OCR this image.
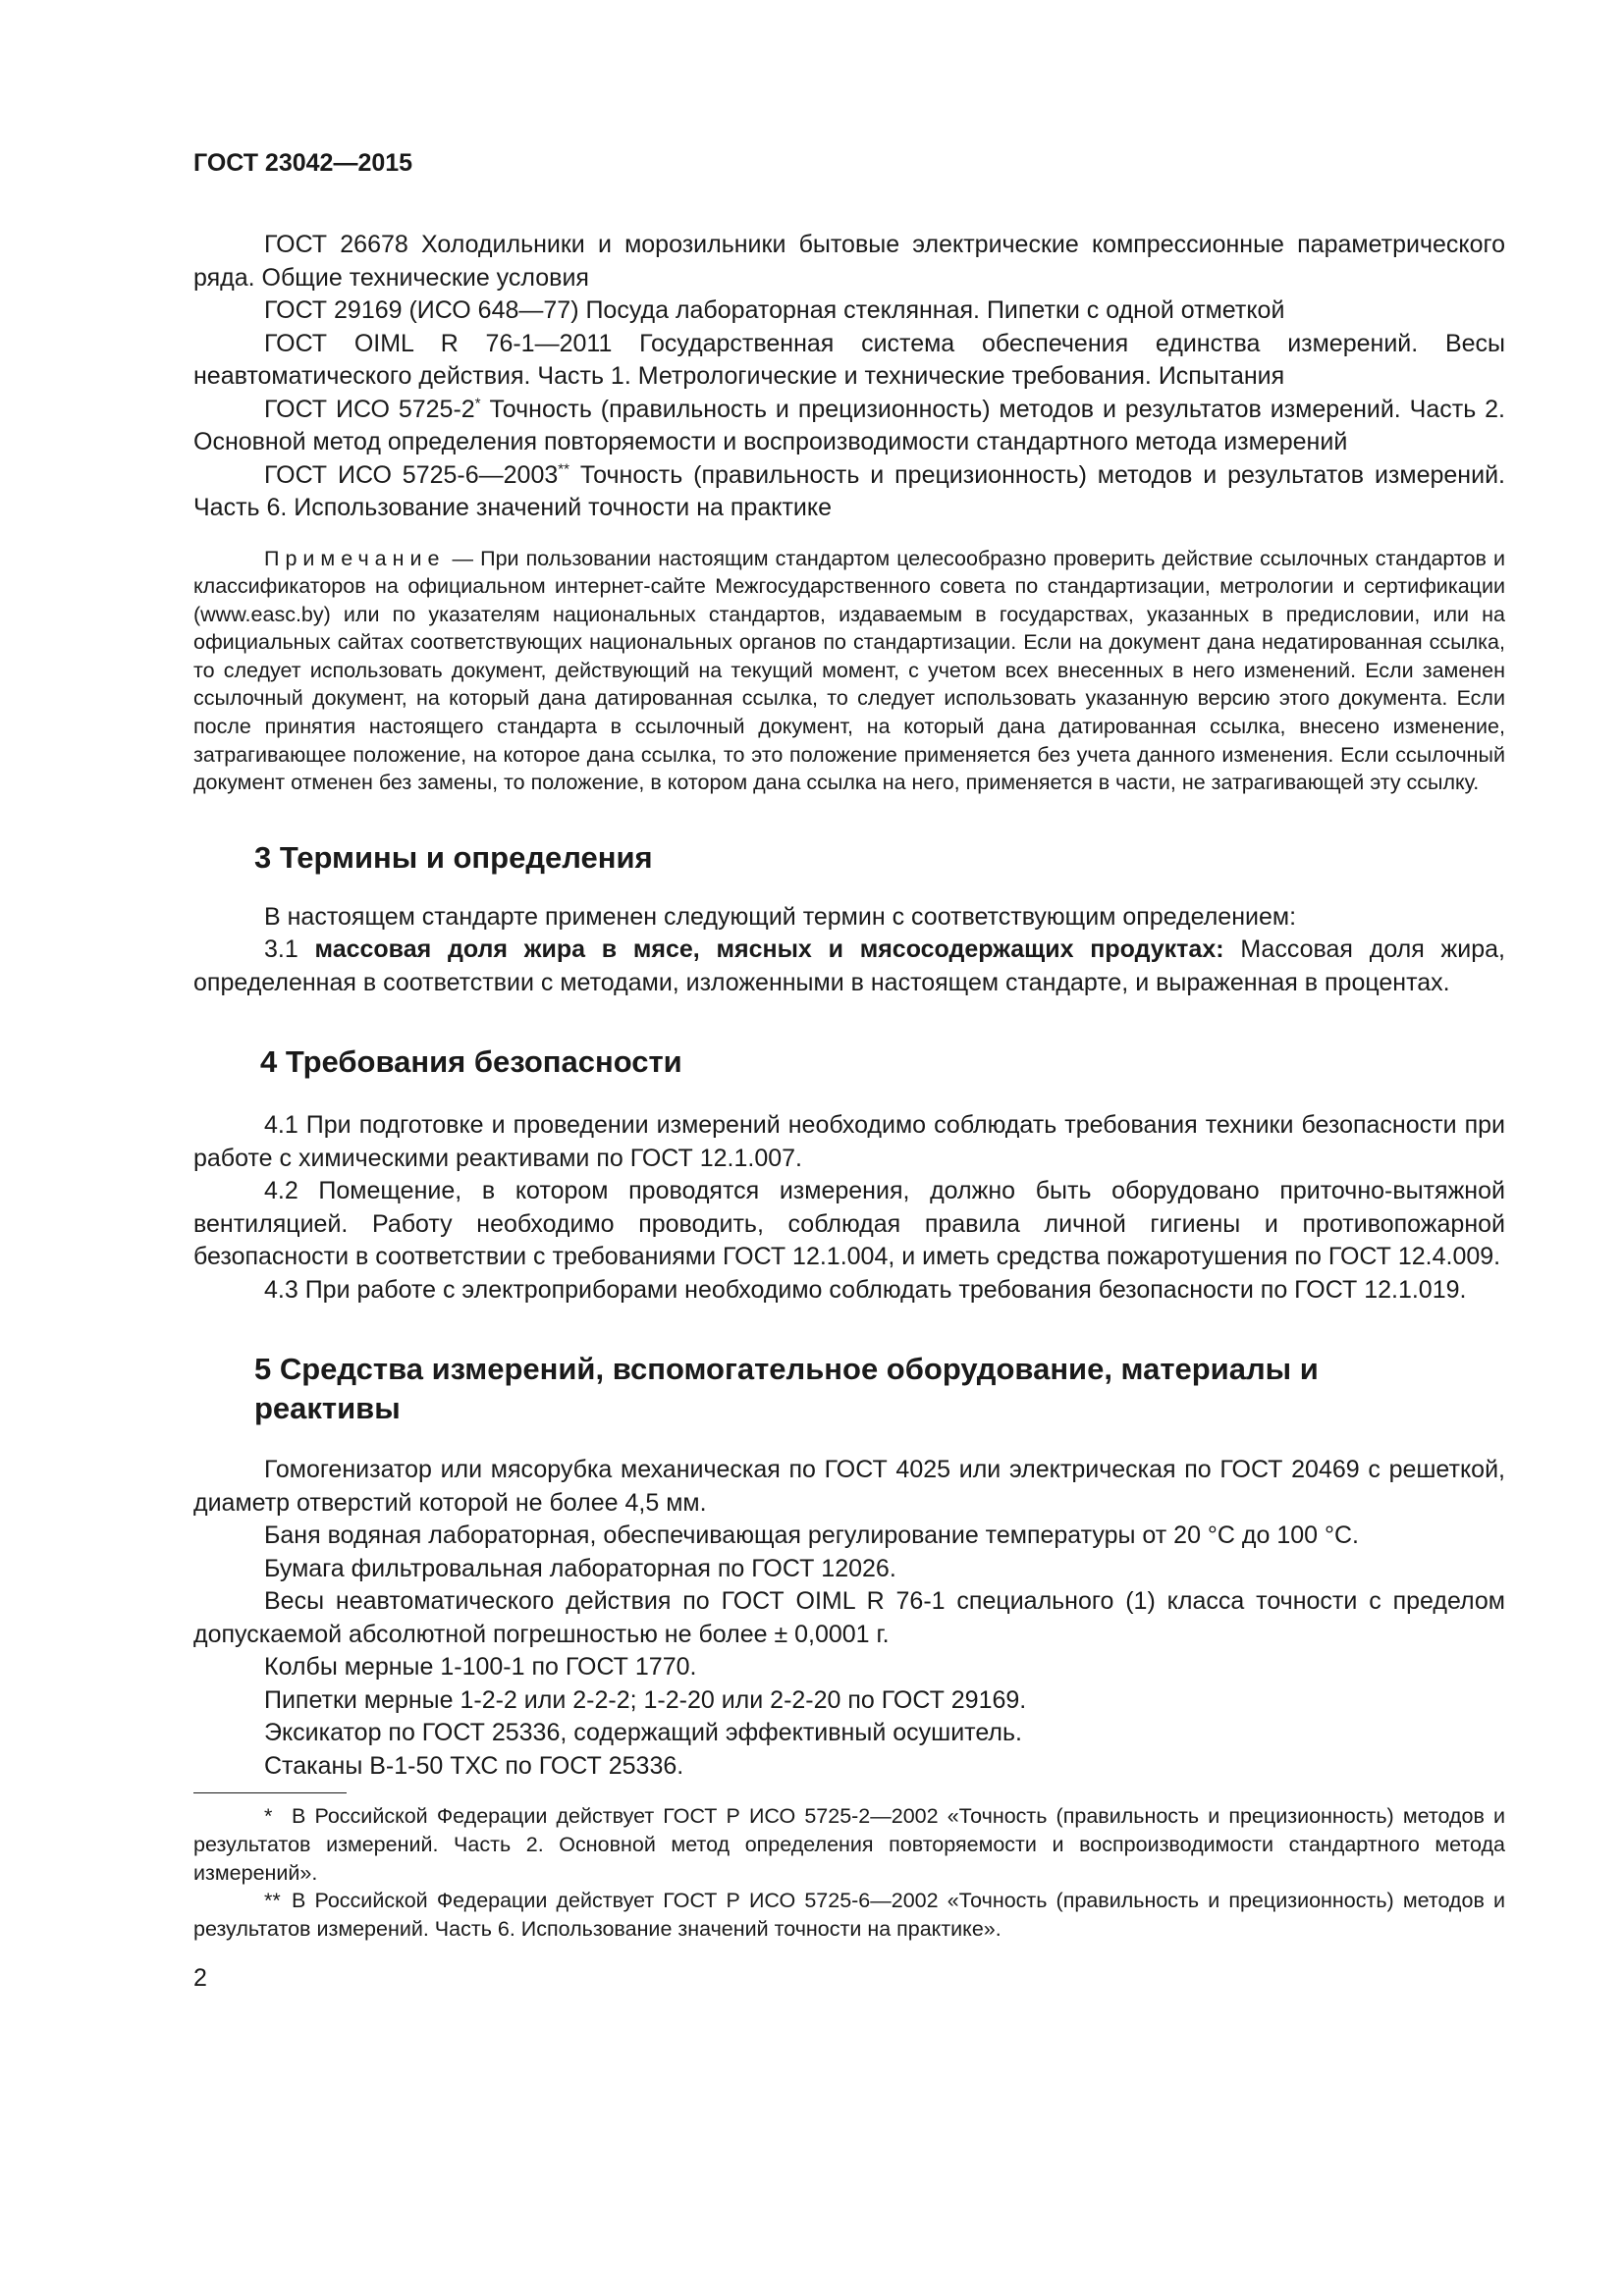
ГОСТ 23042—2015

ГОСТ 26678 Холодильники и морозильники бытовые электрические компрессионные параметрического ряда. Общие технические условия

ГОСТ 29169 (ИСО 648—77) Посуда лабораторная стеклянная. Пипетки с одной отметкой

ГОСТ OIML R 76-1—2011 Государственная система обеспечения единства измерений. Весы неавтоматического действия. Часть 1. Метрологические и технические требования. Испытания

ГОСТ ИСО 5725-2* Точность (правильность и прецизионность) методов и результатов измерений. Часть 2. Основной метод определения повторяемости и воспроизводимости стандартного метода измерений

ГОСТ ИСО 5725-6—2003** Точность (правильность и прецизионность) методов и результатов измерений. Часть 6. Использование значений точности на практике

Примечание — При пользовании настоящим стандартом целесообразно проверить действие ссылочных стандартов и классификаторов на официальном интернет-сайте Межгосударственного совета по стандартизации, метрологии и сертификации (www.easc.by) или по указателям национальных стандартов, издаваемым в государствах, указанных в предисловии, или на официальных сайтах соответствующих национальных органов по стандартизации. Если на документ дана недатированная ссылка, то следует использовать документ, действующий на текущий момент, с учетом всех внесенных в него изменений. Если заменен ссылочный документ, на который дана датированная ссылка, то следует использовать указанную версию этого документа. Если после принятия настоящего стандарта в ссылочный документ, на который дана датированная ссылка, внесено изменение, затрагивающее положение, на которое дана ссылка, то это положение применяется без учета данного изменения. Если ссылочный документ отменен без замены, то положение, в котором дана ссылка на него, применяется в части, не затрагивающей эту ссылку.
3 Термины и определения

В настоящем стандарте применен следующий термин с соответствующим определением:

3.1 массовая доля жира в мясе, мясных и мясосодержащих продуктах: Массовая доля жира, определенная в соответствии с методами, изложенными в настоящем стандарте, и выраженная в процентах.

4 Требования безопасности

4.1 При подготовке и проведении измерений необходимо соблюдать требования техники безопасности при работе с химическими реактивами по ГОСТ 12.1.007.

4.2 Помещение, в котором проводятся измерения, должно быть оборудовано приточно-вытяжной вентиляцией. Работу необходимо проводить, соблюдая правила личной гигиены и противопожарной безопасности в соответствии с требованиями ГОСТ 12.1.004, и иметь средства пожаротушения по ГОСТ 12.4.009.

4.3 При работе с электроприборами необходимо соблюдать требования безопасности по ГОСТ 12.1.019.

5 Средства измерений, вспомогательное оборудование, материалы и
реактивы

Гомогенизатор или мясорубка механическая по ГОСТ 4025 или электрическая по ГОСТ 20469 с решеткой, диаметр отверстий которой не более 4,5 мм.

Баня водяная лабораторная, обеспечивающая регулирование температуры от 20 °С до 100 °С.

Бумага фильтровальная лабораторная по ГОСТ 12026.

Весы неавтоматического действия по ГОСТ OIML R 76-1 специального (1) класса точности с пределом допускаемой абсолютной погрешностью не более ± 0,0001 г.

Колбы мерные 1-100-1 по ГОСТ 1770.

Пипетки мерные 1-2-2 или 2-2-2; 1-2-20 или 2-2-20 по ГОСТ 29169.

Эксикатор по ГОСТ 25336, содержащий эффективный осушитель.

Стаканы В-1-50 ТХС по ГОСТ 25336.

* В Российской Федерации действует ГОСТ Р ИСО 5725-2—2002 «Точность (правильность и прецизионность) методов и результатов измерений. Часть 2. Основной метод определения повторяемости и воспроизводимости стандартного метода измерений».

** В Российской Федерации действует ГОСТ Р ИСО 5725-6—2002 «Точность (правильность и прецизионность) методов и результатов измерений. Часть 6. Использование значений точности на практике».

2
